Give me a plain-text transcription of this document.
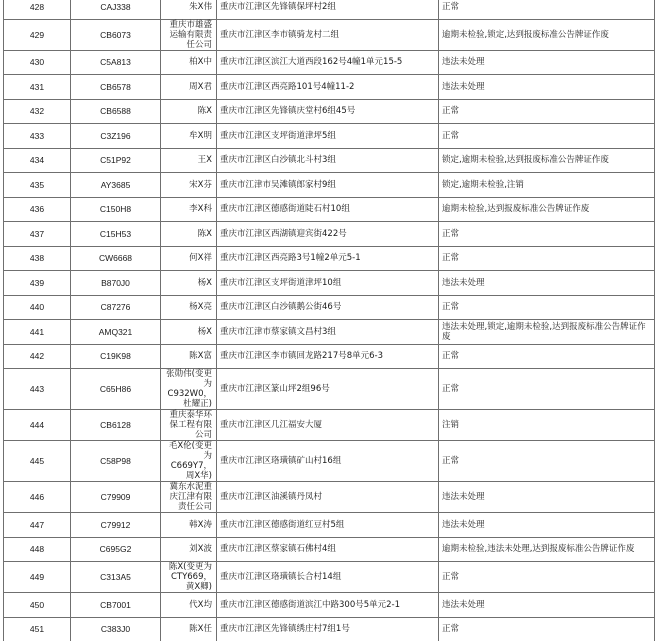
428	CAJ338	朱X伟	重庆市江津区先锋镇保坪村2组	正常
429	CB6073	重庆市雄盛运输有限责任公司	重庆市江津区李市镇骑龙村二组	逾期未检验,锁定,达到报废标准公告牌证作废
430	C5A813	柏X中	重庆市江津区滨江大道西段162号4幢1单元15-5	违法未处理
431	CB6578	周X君	重庆市江津区西亮路101号4幢11-2	违法未处理
432	CB6588	陈X	重庆市江津区先锋镇庆堂村6组45号	正常
433	C3Z196	牟X明	重庆市江津区支坪街道津坪5组	正常
434	C51P92	王X	重庆市江津区白沙镇北斗村3组	锁定,逾期未检验,达到报废标准公告牌证作废
435	AY3685	宋X芬	重庆市江津市吴滩镇郎家村9组	锁定,逾期未检验,注销
436	C150H8	李X科	重庆市江津区德感街道陡石村10组	逾期未检验,达到报废标准公告牌证作废
437	C15H53	陈X	重庆市江津区西湖镇迎宾街422号	正常
438	CW6668	何X祥	重庆市江津区西亮路3号1幢2单元5-1	正常
439	B870J0	杨X	重庆市江津区支坪街道津坪10组	违法未处理
440	C87276	杨X亮	重庆市江津区白沙镇鹅公街46号	正常
441	AMQ321	杨X	重庆市江津市蔡家镇文昌村3组	违法未处理,锁定,逾期未检验,达到报废标准公告牌证作废
442	C19K98	陈X富	重庆市江津区李市镇回龙路217号8单元6-3	正常
443	C65H86	张勋伟(变更为C932W0，杜耀正)	重庆市江津区篆山坪2组96号	正常
444	CB6128	重庆泰华环保工程有限公司	重庆市江津区几江福安大厦	注销
445	C58P98	毛X伦(变更为C669Y7，周X华)	重庆市江津区珞璜镇矿山村16组	正常
446	C79909	冀东水泥重庆江津有限责任公司	重庆市江津区油溪镇丹凤村	违法未处理
447	C79912	韩X涛	重庆市江津区德感街道红豆村5组	违法未处理
448	C695G2	刘X波	重庆市江津区蔡家镇石佛村4组	逾期未检验,违法未处理,达到报废标准公告牌证作废
449	C313A5	陈X(变更为CTY669，黄X卿)	重庆市江津区珞璜镇长合村14组	正常
450	CB7001	代X均	重庆市江津区德感街道滨江中路300号5单元2-1	违法未处理
451	C383J0	陈X任	重庆市江津区先锋镇绣庄村7组1号	正常
